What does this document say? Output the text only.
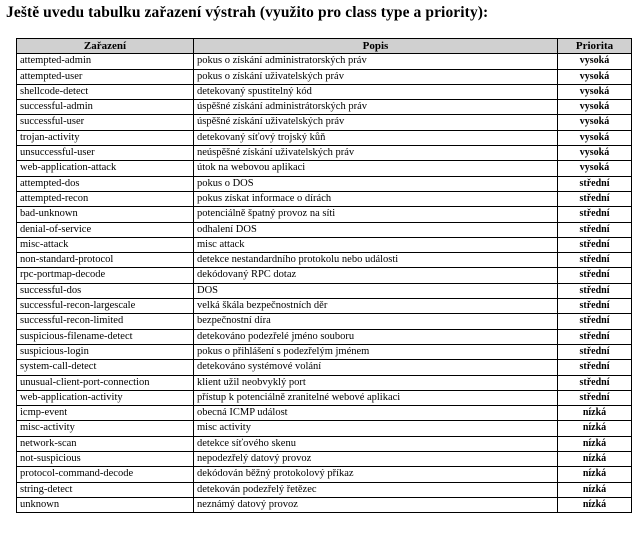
Ještě uvedu tabulku zařazení výstrah (využito pro class type a priority):
Zařazení	Popis	Priorita
attempted-admin	pokus o získání administratorských práv	vysoká
attempted-user	pokus o získání uživatelských práv	vysoká
shellcode-detect	detekovaný spustitelný kód	vysoká
successful-admin	úspěšné získání administrátorských práv	vysoká
successful-user	úspěšné získání uživatelských práv	vysoká
trojan-activity	detekovaný síťový trojský kůň	vysoká
unsuccessful-user	neúspěšné získání uživatelských práv	vysoká
web-application-attack	útok na webovou aplikaci	vysoká
attempted-dos	pokus o DOS	střední
attempted-recon	pokus získat informace o dírách	střední
bad-unknown	potenciálně špatný provoz na síti	střední
denial-of-service	odhalení DOS	střední
misc-attack	misc attack	střední
non-standard-protocol	detekce nestandardního protokolu nebo události	střední
rpc-portmap-decode	dekódovaný RPC dotaz	střední
successful-dos	DOS	střední
successful-recon-largescale	velká škála bezpečnostních děr	střední
successful-recon-limited	bezpečnostní díra	střední
suspicious-filename-detect	detekováno podezřelé jméno souboru	střední
suspicious-login	pokus o přihlášení s podezřelým jménem	střední
system-call-detect	detekováno systémové volání	střední
unusual-client-port-connection	klient užil neobvyklý port	střední
web-application-activity	přístup k potenciálně zranitelné webové aplikaci	střední
icmp-event	obecná ICMP událost	nízká
misc-activity	misc activity	nízká
network-scan	detekce síťového skenu	nízká
not-suspicious	nepodezřelý datový provoz	nízká
protocol-command-decode	dekódován běžný protokolový příkaz	nízká
string-detect	detekován podezřelý řetězec	nízká
unknown	neznámý datový provoz	nízká
